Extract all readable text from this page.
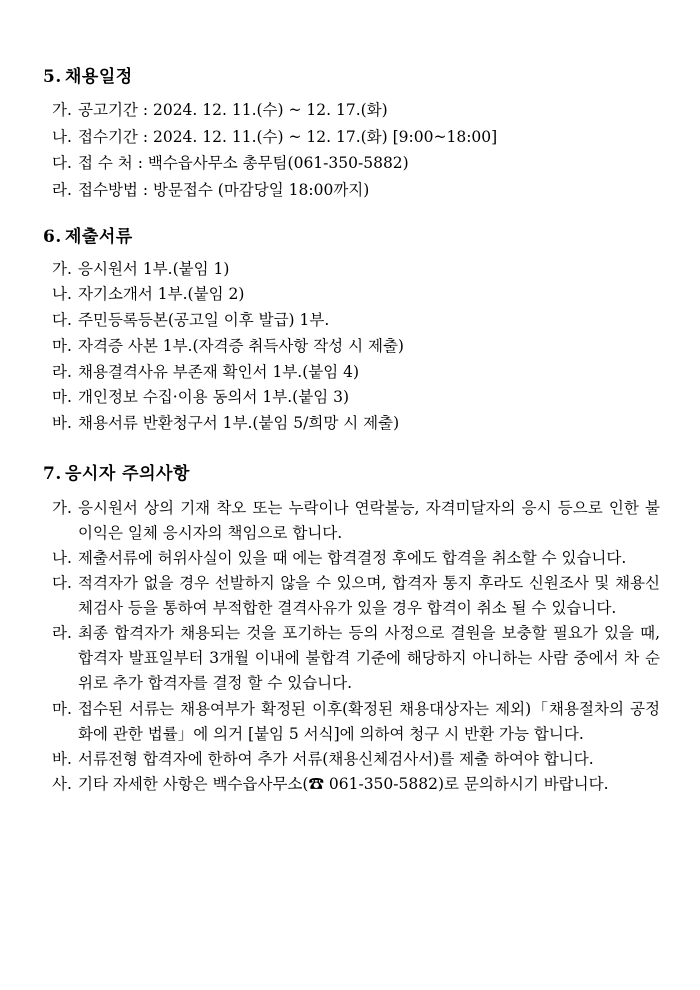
5. 채용일정
가. 공고기간 : 2024. 12. 11.(수) ~ 12. 17.(화)
나. 접수기간 : 2024. 12. 11.(수) ~ 12. 17.(화) [9:00~18:00]
다. 접 수 처 : 백수읍사무소 총무팀(061-350-5882)
라. 접수방법 : 방문접수 (마감당일 18:00까지)
6. 제출서류
가. 응시원서 1부.(붙임 1)
나. 자기소개서 1부.(붙임 2)
다. 주민등록등본(공고일 이후 발급) 1부.
마. 자격증 사본 1부.(자격증 취득사항 작성 시 제출)
라. 채용결격사유 부존재 확인서 1부.(붙임 4)
마. 개인정보 수집·이용 동의서 1부.(붙임 3)
바. 채용서류 반환청구서 1부.(붙임 5/희망 시 제출)
7. 응시자 주의사항
가. 응시원서 상의 기재 착오 또는 누락이나 연락불능, 자격미달자의 응시 등으로 인한 불이익은 일체 응시자의 책임으로 합니다.
나. 제출서류에 허위사실이 있을 때 에는 합격결정 후에도 합격을 취소할 수 있습니다.
다. 적격자가 없을 경우 선발하지 않을 수 있으며, 합격자 통지 후라도 신원조사 및 채용신체검사 등을 통하여 부적합한 결격사유가 있을 경우 합격이 취소 될 수 있습니다.
라. 최종 합격자가 채용되는 것을 포기하는 등의 사정으로 결원을 보충할 필요가 있을 때, 합격자 발표일부터 3개월 이내에 불합격 기준에 해당하지 아니하는 사람 중에서 차 순위로 추가 합격자를 결정 할 수 있습니다.
마. 접수된 서류는 채용여부가 확정된 이후(확정된 채용대상자는 제외)「채용절차의 공정화에 관한 법률」에 의거 [붙임 5 서식]에 의하여 청구 시 반환 가능 합니다.
바. 서류전형 합격자에 한하여 추가 서류(채용신체검사서)를 제출 하여야 합니다.
사. 기타 자세한 사항은 백수읍사무소(☎ 061-350-5882)로 문의하시기 바랍니다.
